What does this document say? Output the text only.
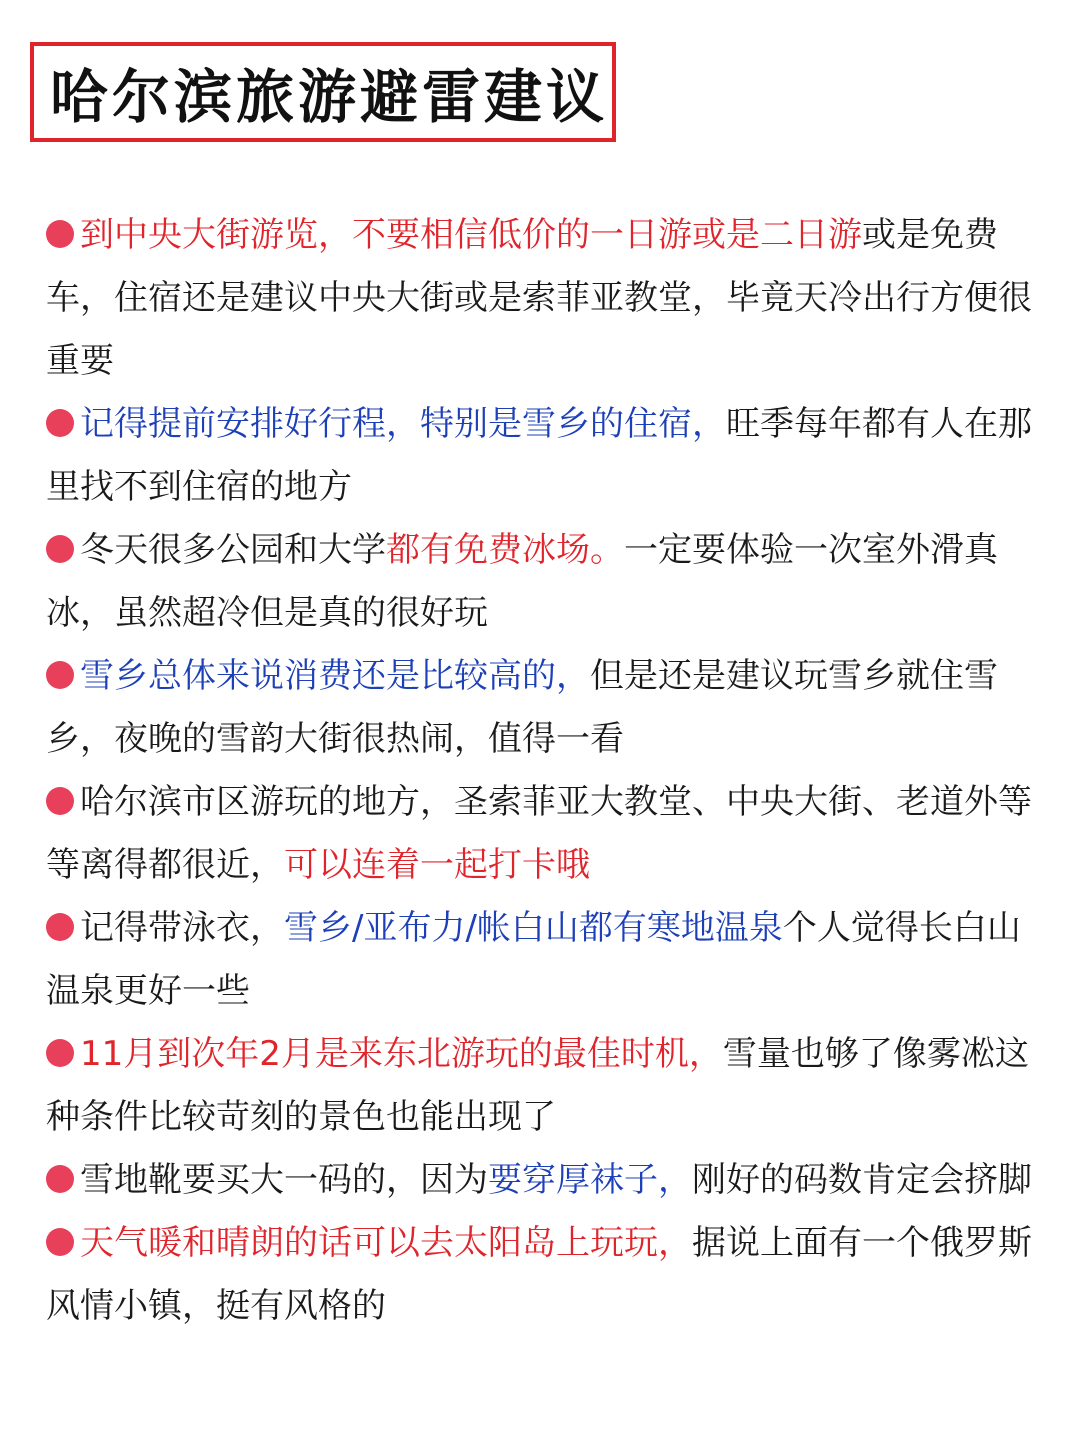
哈尔滨旅游避雷建议

到中央大街游览，不要相信低价的一日游或是二日游或是免费车，住宿还是建议中央大街或是索菲亚教堂，毕竟天冷出行方便很重要

记得提前安排好行程，特别是雪乡的住宿，旺季每年都有人在那里找不到住宿的地方

冬天很多公园和大学都有免费冰场。一定要体验一次室外滑真冰，虽然超冷但是真的很好玩

雪乡总体来说消费还是比较高的，但是还是建议玩雪乡就住雪乡，夜晚的雪韵大街很热闹，值得一看

哈尔滨市区游玩的地方，圣索菲亚大教堂、中央大街、老道外等等离得都很近，可以连着一起打卡哦

记得带泳衣，雪乡/亚布力/帐白山都有寒地温泉个人觉得长白山温泉更好一些

11月到次年2月是来东北游玩的最佳时机，雪量也够了像雾凇这种条件比较苛刻的景色也能出现了

雪地靴要买大一码的，因为要穿厚袜子，刚好的码数肯定会挤脚

天气暖和晴朗的话可以去太阳岛上玩玩，据说上面有一个俄罗斯风情小镇，挺有风格的
